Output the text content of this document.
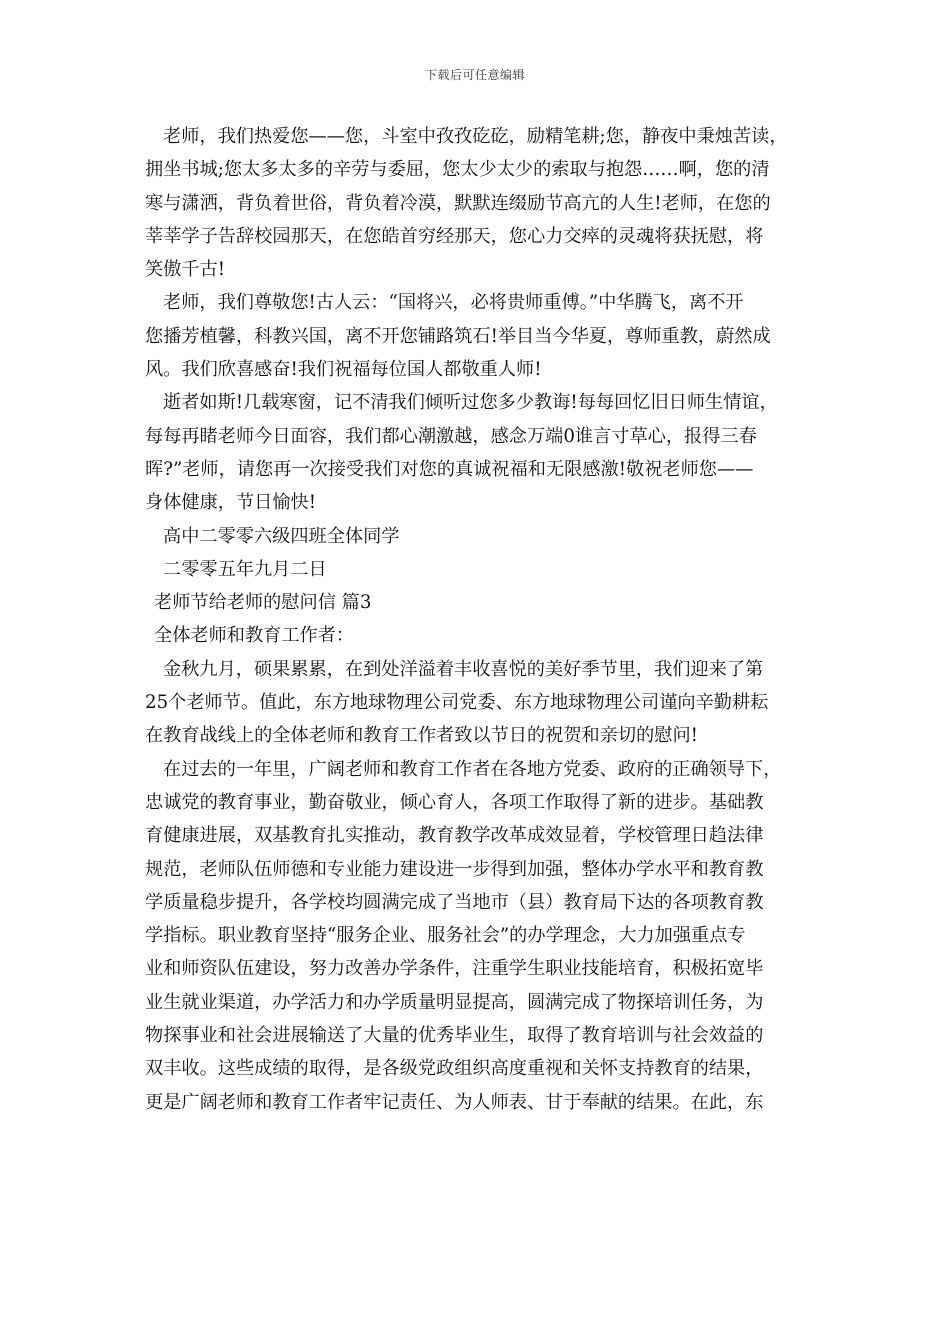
下载后可任意编辑
老师，我们热爱您——您，斗室中孜孜矻矻，励精笔耕;您，静夜中秉烛苦读，
拥坐书城;您太多太多的辛劳与委屈，您太少太少的索取与抱怨……啊，您的清
寒与潇洒，背负着世俗，背负着冷漠，默默连缀励节高亢的人生!老师，在您的
莘莘学子告辞校园那天，在您皓首穷经那天，您心力交瘁的灵魂将获抚慰，将
笑傲千古!
老师，我们尊敬您!古人云：“国将兴，必将贵师重傅。”中华腾飞，离不开
您播芳植馨，科教兴国，离不开您铺路筑石!举目当今华夏，尊师重教，蔚然成
风。我们欣喜感奋!我们祝福每位国人都敬重人师!
逝者如斯!几载寒窗，记不清我们倾听过您多少教诲!每每回忆旧日师生情谊，
每每再睹老师今日面容，我们都心潮激越，感念万端0谁言寸草心，报得三春
晖?”老师，请您再一次接受我们对您的真诚祝福和无限感激!敬祝老师您——
身体健康，节日愉快!
高中二零零六级四班全体同学
二零零五年九月二日
老师节给老师的慰问信 篇3
全体老师和教育工作者：
金秋九月，硕果累累，在到处洋溢着丰收喜悦的美好季节里，我们迎来了第
25个老师节。值此，东方地球物理公司党委、东方地球物理公司谨向辛勤耕耘
在教育战线上的全体老师和教育工作者致以节日的祝贺和亲切的慰问!
在过去的一年里，广阔老师和教育工作者在各地方党委、政府的正确领导下，
忠诚党的教育事业，勤奋敬业，倾心育人，各项工作取得了新的进步。基础教
育健康进展，双基教育扎实推动，教育教学改革成效显着，学校管理日趋法律
规范，老师队伍师德和专业能力建设进一步得到加强，整体办学水平和教育教
学质量稳步提升，各学校均圆满完成了当地市（县）教育局下达的各项教育教
学指标。职业教育坚持“服务企业、服务社会”的办学理念，大力加强重点专
业和师资队伍建设，努力改善办学条件，注重学生职业技能培育，积极拓宽毕
业生就业渠道，办学活力和办学质量明显提高，圆满完成了物探培训任务，为
物探事业和社会进展输送了大量的优秀毕业生，取得了教育培训与社会效益的
双丰收。这些成绩的取得，是各级党政组织高度重视和关怀支持教育的结果，
更是广阔老师和教育工作者牢记责任、为人师表、甘于奉献的结果。在此，东
